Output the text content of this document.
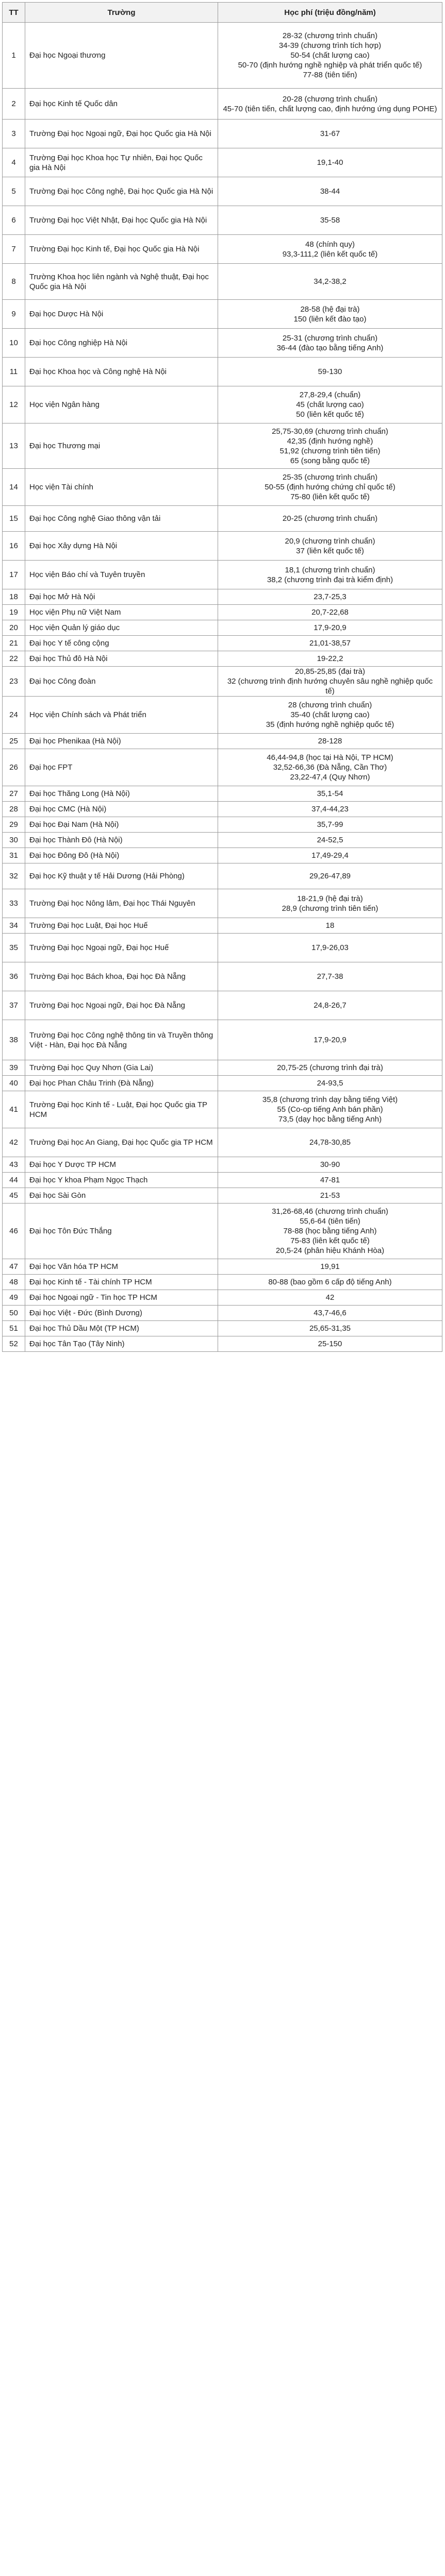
TT	Trường	Học phí (triệu đồng/năm)
1	Đại học Ngoại thương	28-32 (chương trình chuẩn)
34-39 (chương trình tích hợp)
50-54 (chất lượng cao)
50-70 (định hướng nghề nghiệp và phát triển quốc tế)
77-88 (tiên tiến)

2	Đại học Kinh tế Quốc dân	20-28 (chương trình chuẩn)
45-70 (tiên tiến, chất lượng cao, định hướng ứng dụng POHE)

3	Trường Đại học Ngoại ngữ, Đại học Quốc gia Hà Nội	31-67

4	Trường Đại học Khoa học Tự nhiên, Đại học Quốc gia Hà Nội	19,1-40

5	Trường Đại học Công nghệ, Đại học Quốc gia Hà Nội	38-44

6	Trường Đại học Việt Nhật, Đại học Quốc gia Hà Nội	35-58

7	Trường Đại học Kinh tế, Đại học Quốc gia Hà Nội	48 (chính quy)
93,3-111,2 (liên kết quốc tế)

8	Trường Khoa học liên ngành và Nghệ thuật, Đại học Quốc gia Hà Nội	34,2-38,2

9	Đại học Dược Hà Nội	28-58 (hệ đại trà)
150 (liên kết đào tạo)

10	Đại học Công nghiệp Hà Nội	25-31 (chương trình chuẩn)
36-44 (đào tạo bằng tiếng Anh)

11	Đại học Khoa học và Công nghệ Hà Nội	59-130

12	Học viện Ngân hàng	27,8-29,4 (chuẩn)
45 (chất lượng cao)
50 (liên kết quốc tế)

13	Đại học Thương mại	25,75-30,69 (chương trình chuẩn)
42,35 (định hướng nghề)
51,92 (chương trình tiên tiến)
65 (song bằng quốc tế)

14	Học viện Tài chính	25-35 (chương trình chuẩn)
50-55 (định hướng chứng chỉ quốc tế)
75-80 (liên kết quốc tế)

15	Đại học Công nghệ Giao thông vận tải	20-25 (chương trình chuẩn)

16	Đại học Xây dựng Hà Nội	20,9 (chương trình chuẩn)
37 (liên kết quốc tế)

17	Học viện Báo chí và Tuyên truyền	18,1 (chương trình chuẩn)
38,2 (chương trình đại trà kiểm định)

18	Đại học Mở Hà Nội	23,7-25,3

19	Học viện Phụ nữ Việt Nam	20,7-22,68

20	Học viện Quản lý giáo dục	17,9-20,9

21	Đại học Y tế công cộng	21,01-38,57

22	Đại học Thủ đô Hà Nội	19-22,2

23	Đại học Công đoàn	20,85-25,85 (đại trà)
32 (chương trình định hướng chuyên sâu nghề nghiệp quốc tế)

24	Học viện Chính sách và Phát triển	28 (chương trình chuẩn)
35-40 (chất lượng cao)
35 (định hướng nghề nghiệp quốc tế)

25	Đại học Phenikaa (Hà Nội)	28-128

26	Đại học FPT	46,44-94,8 (học tại Hà Nội, TP HCM)
32,52-66,36 (Đà Nẵng, Cần Thơ)
23,22-47,4 (Quy Nhơn)

27	Đại học Thăng Long (Hà Nội)	35,1-54

28	Đại học CMC (Hà Nội)	37,4-44,23

29	Đại học Đại Nam (Hà Nội)	35,7-99

30	Đại học Thành Đô (Hà Nội)	24-52,5

31	Đại học Đông Đô (Hà Nội)	17,49-29,4

32	Đại học Kỹ thuật y tế Hải Dương (Hải Phòng)	29,26-47,89

33	Trường Đại học Nông lâm, Đại học Thái Nguyên	18-21,9 (hệ đại trà)
28,9 (chương trình tiên tiến)

34	Trường Đại học Luật, Đại học Huế	18

35	Trường Đại học Ngoại ngữ, Đại học Huế	17,9-26,03

36	Trường Đại học Bách khoa, Đại học Đà Nẵng	27,7-38

37	Trường Đại học Ngoại ngữ, Đại học Đà Nẵng	24,8-26,7

38	Trường Đại học Công nghệ thông tin và Truyền thông Việt - Hàn, Đại học Đà Nẵng	17,9-20,9

39	Trường Đại học Quy Nhơn (Gia Lai)	20,75-25 (chương trình đại trà)

40	Đại học Phan Châu Trinh (Đà Nẵng)	24-93,5

41	Trường Đại học Kinh tế - Luật, Đại học Quốc gia TP HCM	35,8 (chương trình dạy bằng tiếng Việt)
55 (Co-op tiếng Anh bán phần)
73,5 (dạy học bằng tiếng Anh)

42	Trường Đại học An Giang, Đại học Quốc gia TP HCM	24,78-30,85

43	Đại học Y Dược TP HCM	30-90

44	Đại học Y khoa Phạm Ngọc Thạch	47-81

45	Đại học Sài Gòn	21-53

46	Đại học Tôn Đức Thắng	31,26-68,46 (chương trình chuẩn)
55,6-64 (tiên tiến)
78-88 (học bằng tiếng Anh)
75-83 (liên kết quốc tế)
20,5-24 (phân hiệu Khánh Hòa)

47	Đại học Văn hóa TP HCM	19,91

48	Đại học Kinh tế - Tài chính TP HCM	80-88 (bao gồm 6 cấp độ tiếng Anh)

49	Đại học Ngoại ngữ - Tin học TP HCM	42

50	Đại học Việt - Đức (Bình Dương)	43,7-46,6

51	Đại học Thủ Dầu Một (TP HCM)	25,65-31,35

52	Đại học Tân Tạo (Tây Ninh)	25-150
